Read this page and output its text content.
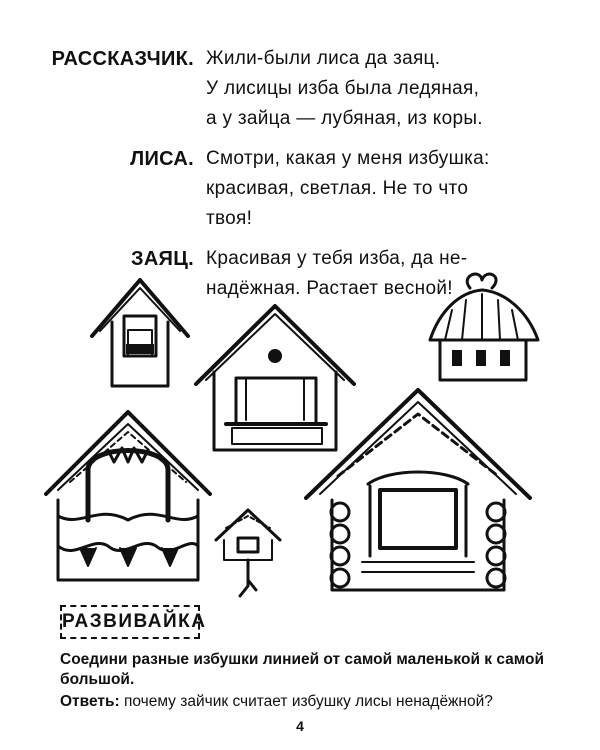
РАССКАЗЧИК. Жили-были лиса да заяц.
У лисицы изба была ледяная,
а у зайца — лубяная, из коры.
ЛИСА. Смотри, какая у меня избушка:
красивая, светлая. Не то что
твоя!
ЗАЯЦ. Красивая у тебя изба, да не-
надёжная. Растает весной!
РАЗВИВАЙКА
Соедини разные избушки линией от самой маленькой к самой большой.
Ответь: почему зайчик считает избушку лисы ненадёжной?
4
